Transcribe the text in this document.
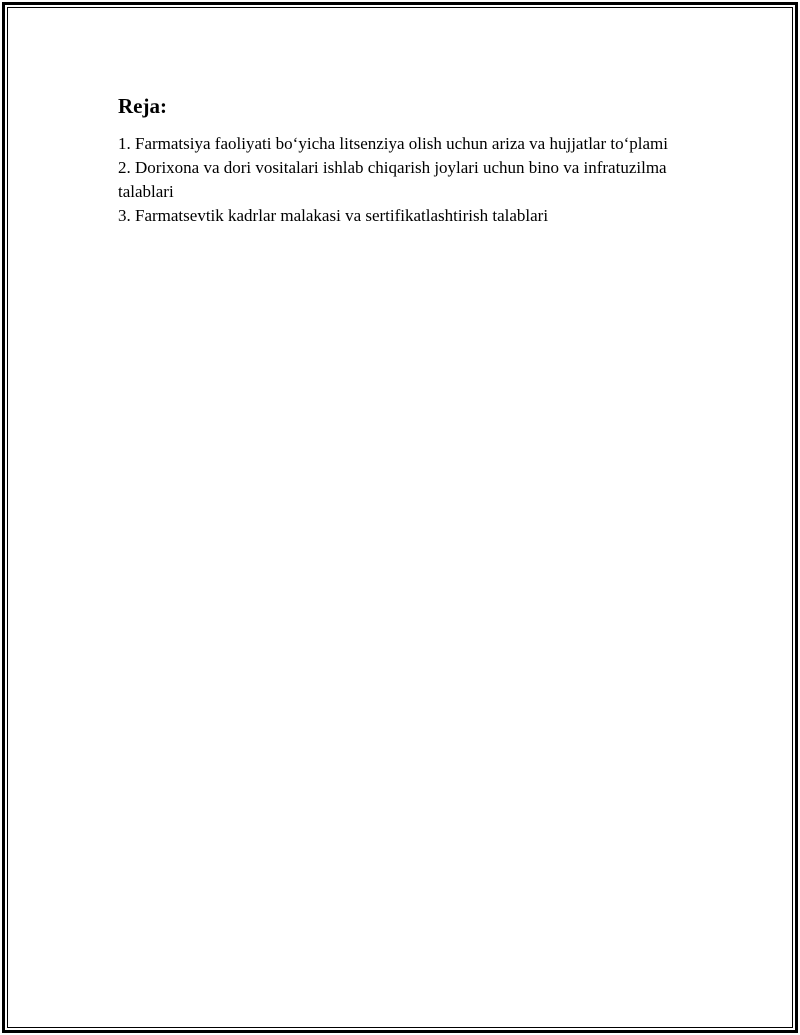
Reja:
1. Farmatsiya faoliyati bo‘yicha litsenziya olish uchun ariza va hujjatlar to‘plami
2. Dorixona va dori vositalari ishlab chiqarish joylari uchun bino va infratuzilma talablari
3. Farmatsevtik kadrlar malakasi va sertifikatlashtirish talablari
